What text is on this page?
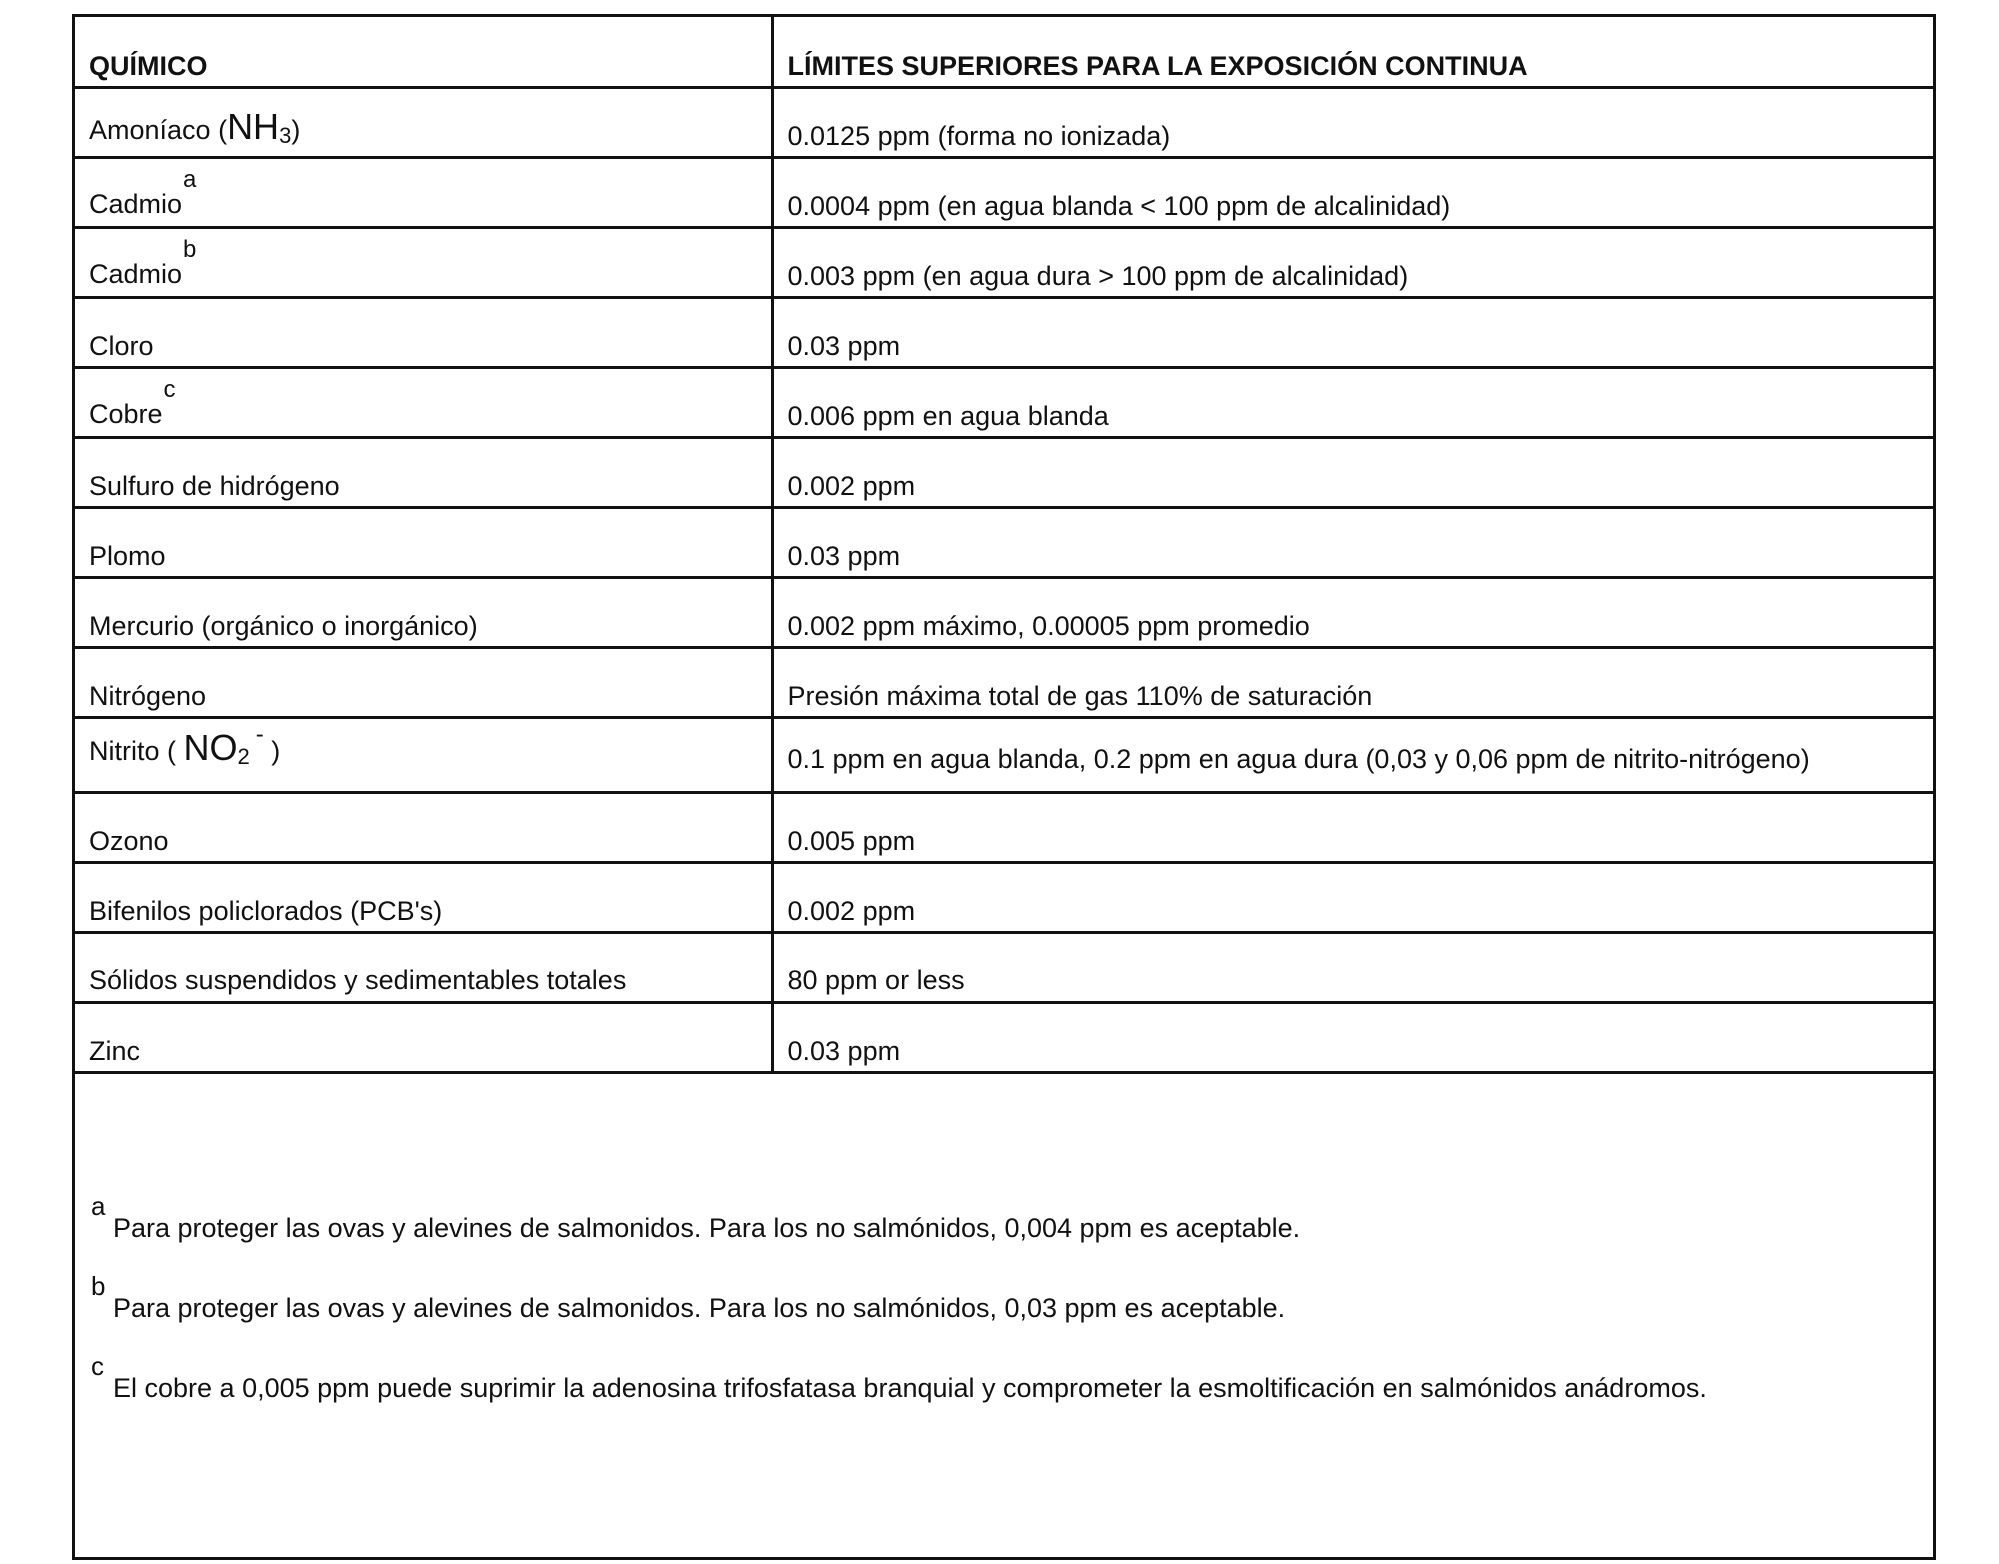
QUÍMICO	LÍMITES SUPERIORES PARA LA EXPOSICIÓN CONTINUA
Amoníaco (NH3)	0.0125 ppm (forma no ionizada)
Cadmioa	0.0004 ppm (en agua blanda < 100 ppm de alcalinidad)
Cadmiob	0.003 ppm (en agua dura > 100 ppm de alcalinidad)
Cloro	0.03 ppm
Cobrec	0.006 ppm en agua blanda
Sulfuro de hidrógeno	0.002 ppm
Plomo	0.03 ppm
Mercurio (orgánico o inorgánico)	0.002 ppm máximo, 0.00005 ppm promedio
Nitrógeno	Presión máxima total de gas 110% de saturación
Nitrito ( NO2- )	0.1 ppm en agua blanda, 0.2 ppm en agua dura (0,03 y 0,06 ppm de nitrito-nitrógeno)
Ozono	0.005 ppm
Bifenilos policlorados (PCB's)	0.002 ppm
Sólidos suspendidos y sedimentables totales	80 ppm or less
Zinc	0.03 ppm
a
Para proteger las ovas y alevines de salmonidos. Para los no salmónidos, 0,004 ppm es aceptable.
b
Para proteger las ovas y alevines de salmonidos. Para los no salmónidos, 0,03 ppm es aceptable.
c
El cobre a 0,005 ppm puede suprimir la adenosina trifosfatasa branquial y comprometer la esmoltificación en salmónidos anádromos.
